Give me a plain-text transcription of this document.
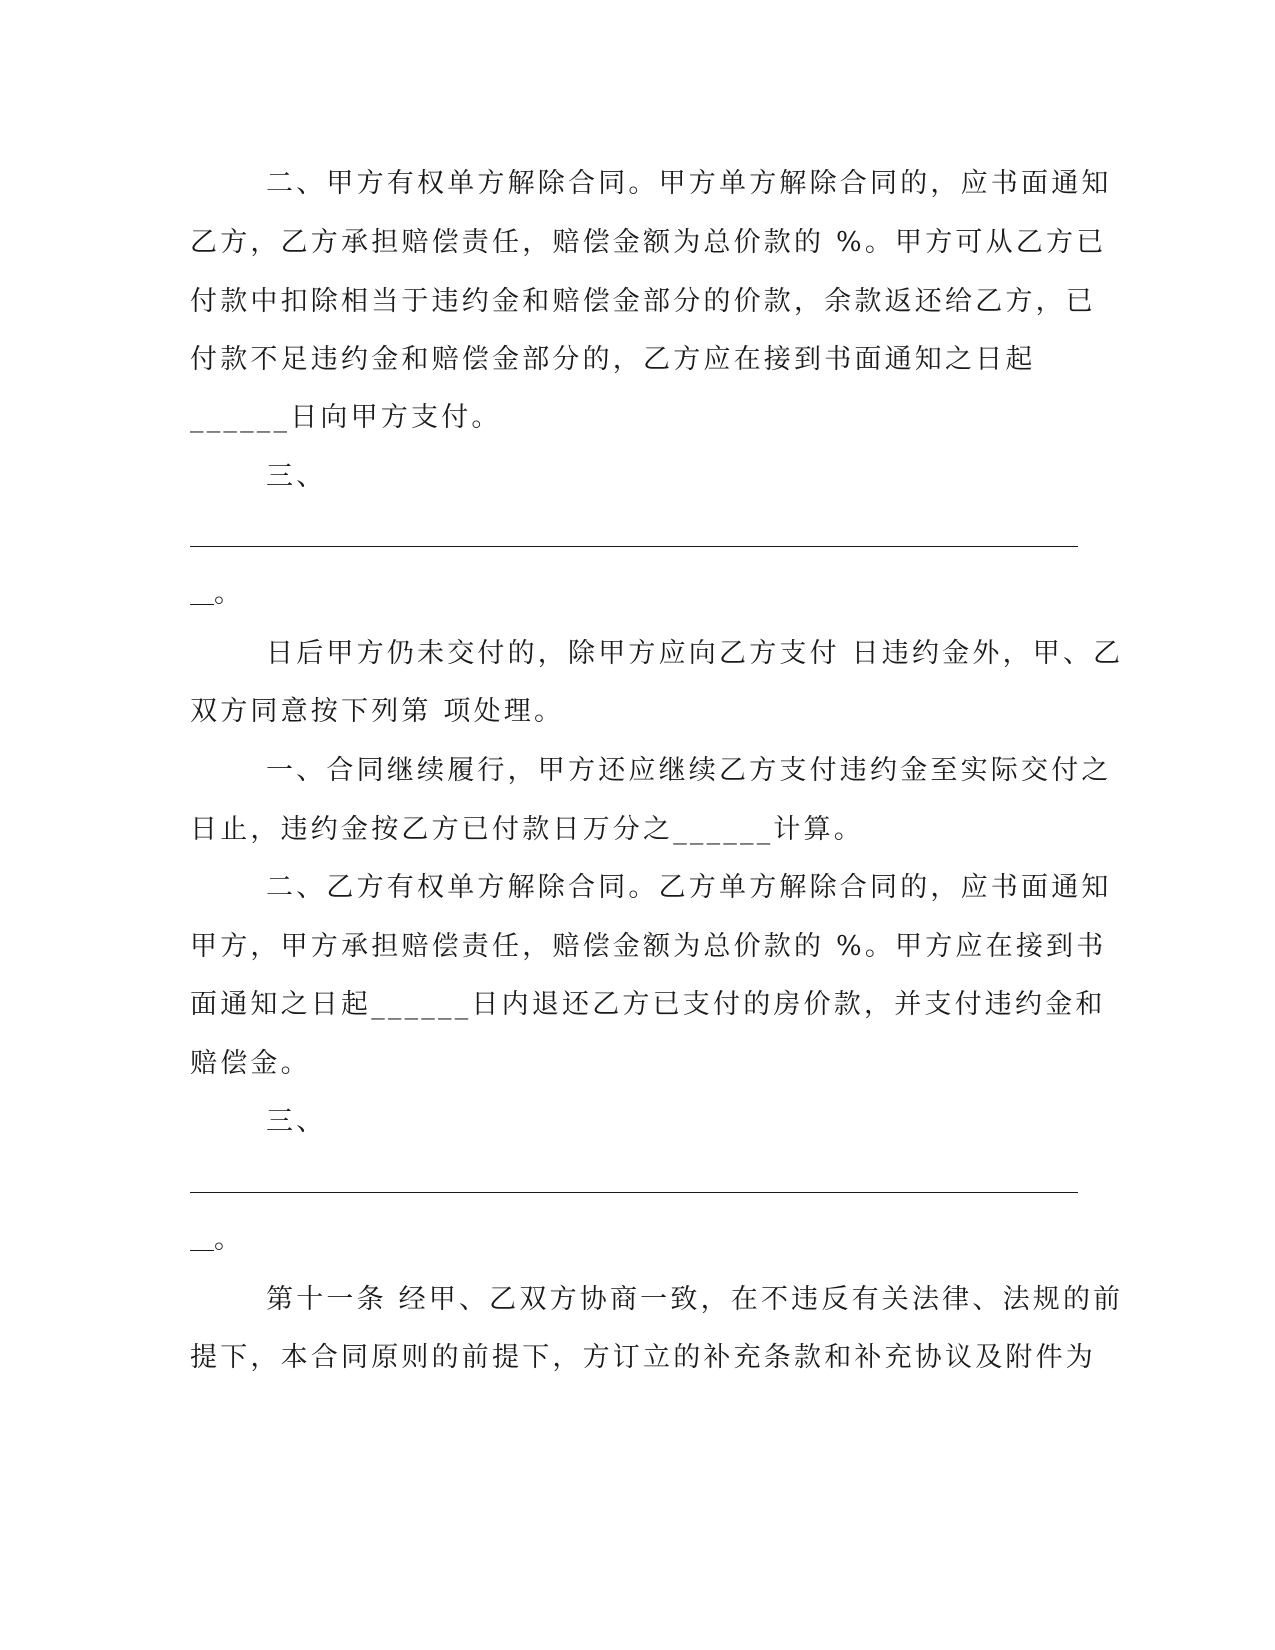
二、甲方有权单方解除合同。甲方单方解除合同的，应书面通知
乙方，乙方承担赔偿责任，赔偿金额为总价款的 %。甲方可从乙方已
付款中扣除相当于违约金和赔偿金部分的价款，余款返还给乙方，已
付款不足违约金和赔偿金部分的，乙方应在接到书面通知之日起
______日向甲方支付。
三、
。
日后甲方仍未交付的，除甲方应向乙方支付 日违约金外，甲、乙
双方同意按下列第 项处理。
一、合同继续履行，甲方还应继续乙方支付违约金至实际交付之
日止，违约金按乙方已付款日万分之______计算。
二、乙方有权单方解除合同。乙方单方解除合同的，应书面通知
甲方，甲方承担赔偿责任，赔偿金额为总价款的 %。甲方应在接到书
面通知之日起______日内退还乙方已支付的房价款，并支付违约金和
赔偿金。
三、
。
第十一条 经甲、乙双方协商一致，在不违反有关法律、法规的前
提下，本合同原则的前提下，方订立的补充条款和补充协议及附件为
